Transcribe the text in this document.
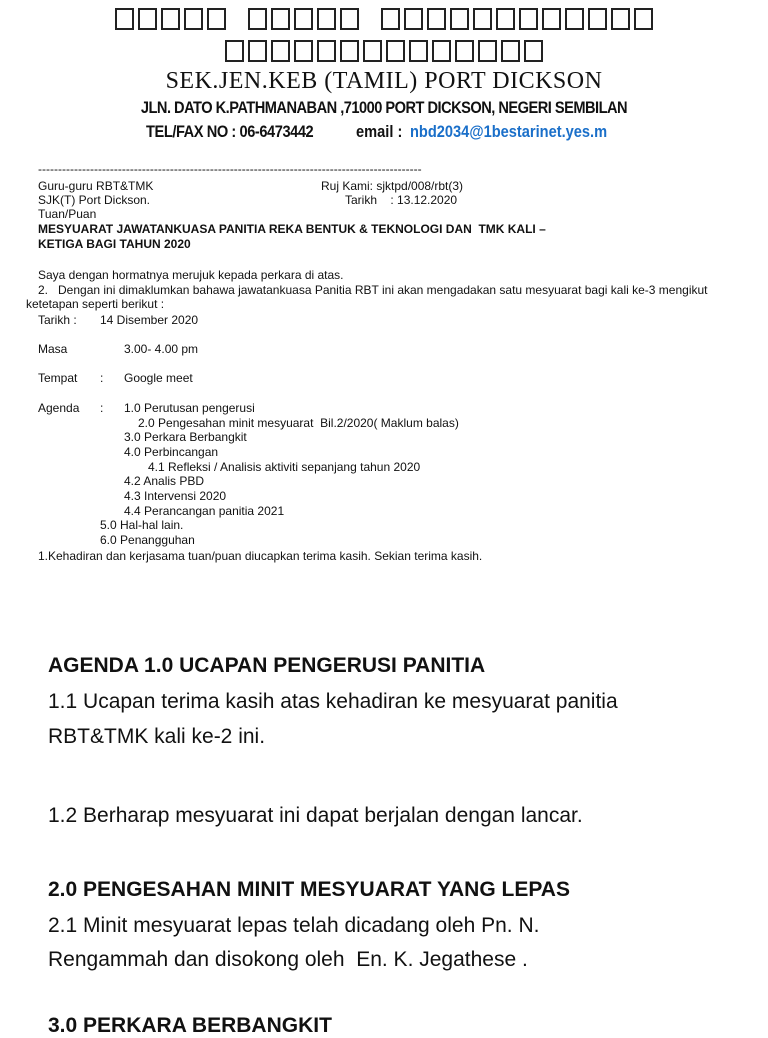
SEK.JEN.KEB (TAMIL) PORT DICKSON
JLN. DATO K.PATHMANABAN ,71000 PORT DICKSON, NEGERI SEMBILAN
TEL/FAX NO : 06-6473442	email : nbd2034@1bestarinet.yes.m
------------------------------------------------------------------------------------------------
Guru-guru RBT&TMK	Ruj Kami: sjktpd/008/rbt(3)
SJK(T) Port Dickson.	Tarikh    : 13.12.2020
Tuan/Puan
MESYUARAT JAWATANKUASA PANITIA REKA BENTUK & TEKNOLOGI DAN  TMK KALI –
KETIGA BAGI TAHUN 2020
Saya dengan hormatnya merujuk kepada perkara di atas.
2.   Dengan ini dimaklumkan bahawa jawatankuasa Panitia RBT ini akan mengadakan satu mesyuarat bagi kali ke-3 mengikut
ketetapan seperti berikut :
Tarikh : 14 Disember 2020
Masa	3.00- 4.00 pm
Tempat : Google meet
Agenda : 1.0 Perutusan pengerusi
2.0 Pengesahan minit mesyuarat  Bil.2/2020( Maklum balas)
3.0 Perkara Berbangkit
4.0 Perbincangan
4.1 Refleksi / Analisis aktiviti sepanjang tahun 2020
4.2 Analis PBD
4.3 Intervensi 2020
4.4 Perancangan panitia 2021
5.0 Hal-hal lain.
6.0 Penangguhan
1.Kehadiran dan kerjasama tuan/puan diucapkan terima kasih. Sekian terima kasih.
AGENDA 1.0 UCAPAN PENGERUSI PANITIA
1.1 Ucapan terima kasih atas kehadiran ke mesyuarat panitia
RBT&TMK kali ke-2 ini.
1.2 Berharap mesyuarat ini dapat berjalan dengan lancar.
2.0 PENGESAHAN MINIT MESYUARAT YANG LEPAS
2.1 Minit mesyuarat lepas telah dicadang oleh Pn. N.
Rengammah dan disokong oleh  En. K. Jegathese .
3.0 PERKARA BERBANGKIT
